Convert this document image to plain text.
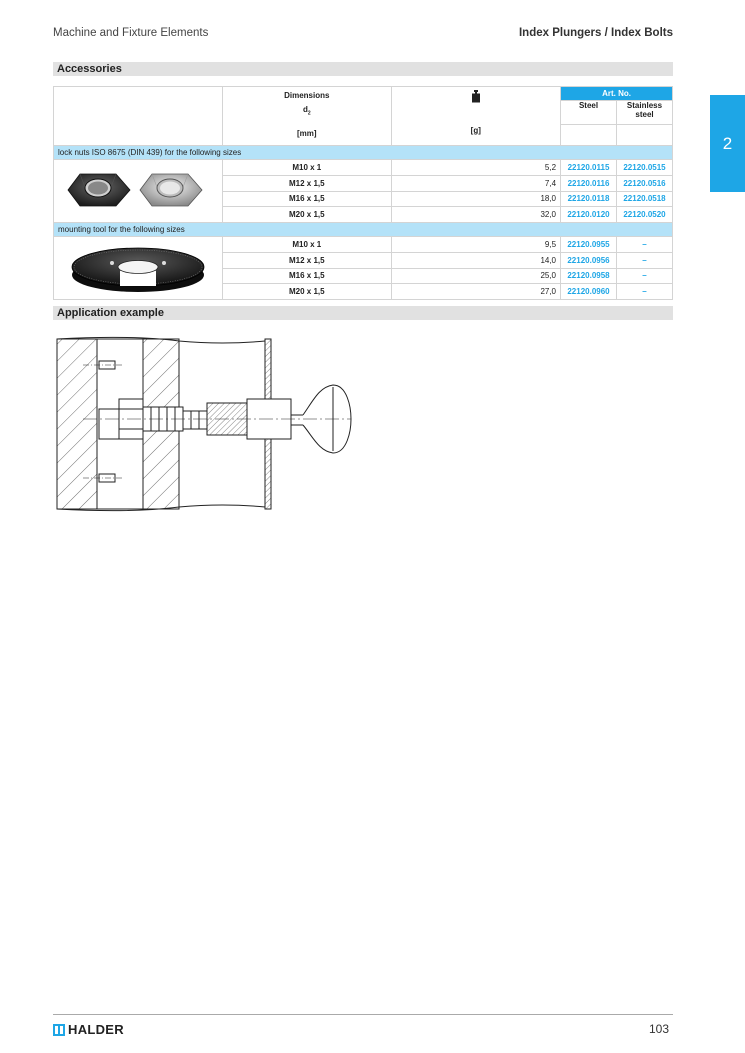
Machine and Fixture Elements	Index Plungers / Index Bolts
2
Accessories

	Dimensions
$d_2$
[mm]	[g]	Art. No.	
			Steel	Stainless steel

lock nuts ISO 8675 (DIN 439) for the following sizes				
	M10 x 1	5,2	22120.0115	22120.0515
	M12 x 1,5	7,4	22120.0116	22120.0516
	M16 x 1,5	18,0	22120.0118	22120.0518
	M20 x 1,5	32,0	22120.0120	22120.0520
mounting tool for the following sizes				
	M10 x 1	9,5	22120.0955	–
	M12 x 1,5	14,0	22120.0956	–
	M16 x 1,5	25,0	22120.0958	–
	M20 x 1,5	27,0	22120.0960	–
Application example
HALDER	103
